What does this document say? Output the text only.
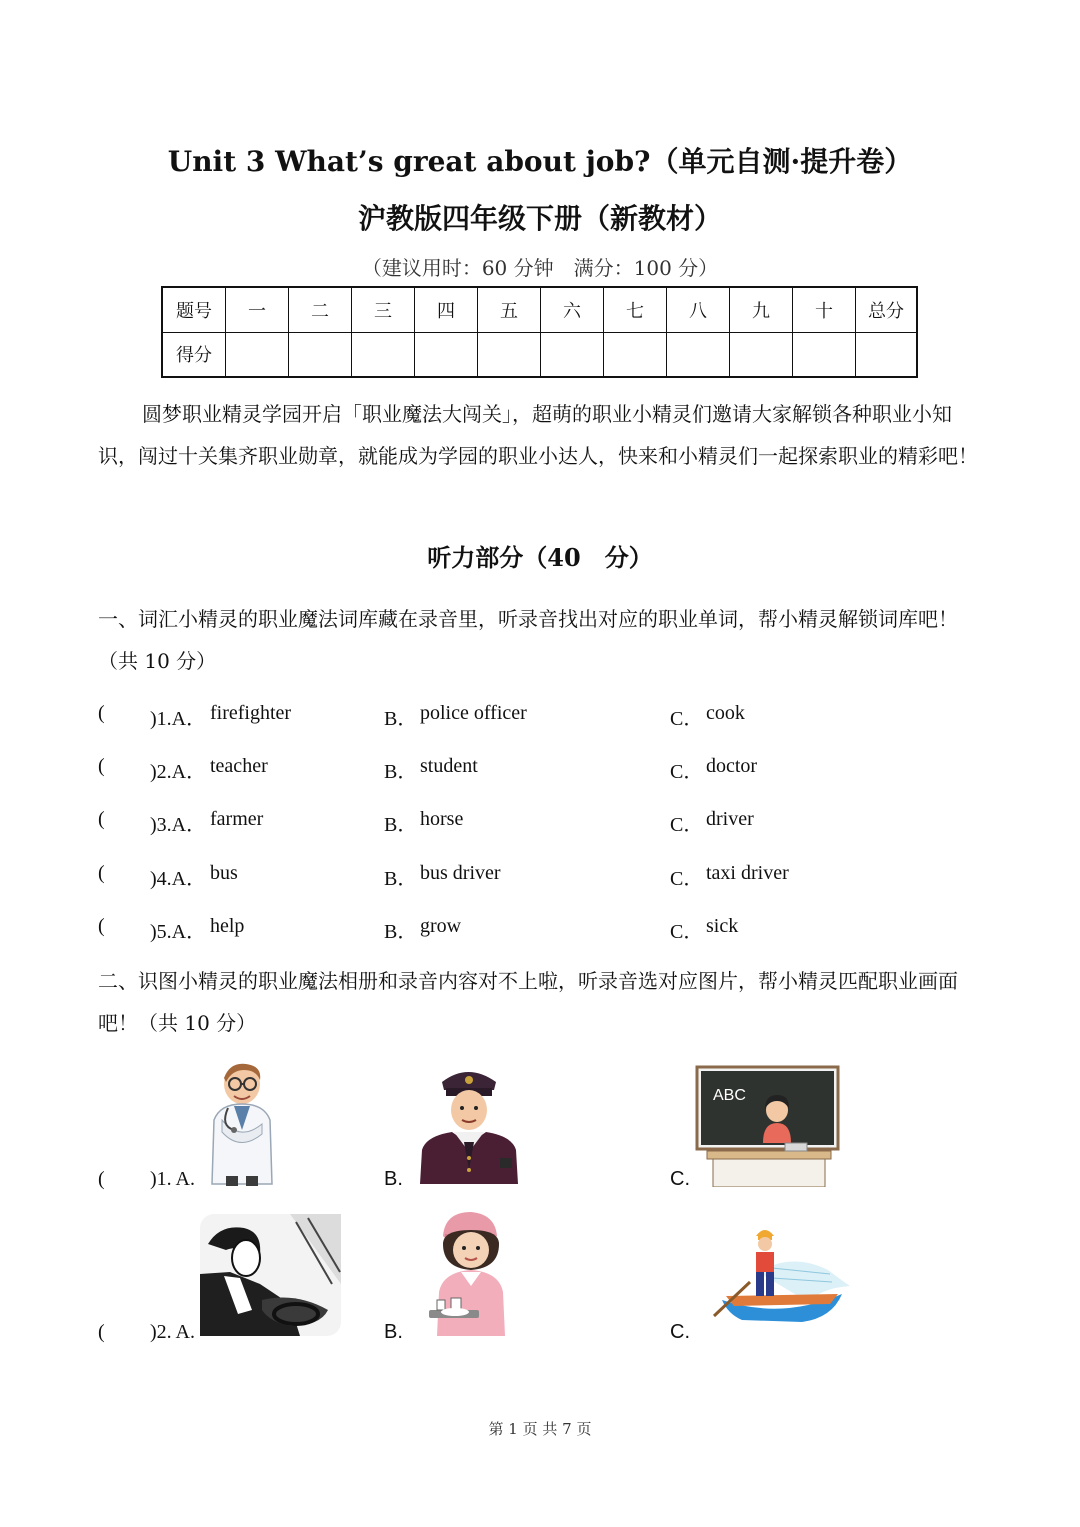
Unit 3 What’s great about job?（单元自测·提升卷）
沪教版四年级下册（新教材）
（建议用时：60 分钟　满分：100 分）
题号	一	二	三	四	五	六	七	八	九	十	总分
得分											
圆梦职业精灵学园开启「职业魔法大闯关」，超萌的职业小精灵们邀请大家解锁各种职业小知识，闯过十关集齐职业勋章，就能成为学园的职业小达人，快来和小精灵们一起探索职业的精彩吧！
听力部分（40　分）
一、词汇小精灵的职业魔法词库藏在录音里，听录音找出对应的职业单词，帮小精灵解锁词库吧！（共 10 分）
( )1.A． firefighter	B． police officer	C． cook
( )2.A． teacher	B． student	C． doctor
( )3.A． farmer	B． horse	C． driver
( )4.A． bus	B． bus driver	C． taxi driver
( )5.A． help	B． grow	C． sick
二、识图小精灵的职业魔法相册和录音内容对不上啦，听录音选对应图片，帮小精灵匹配职业画面吧！（共 10 分）
( )1. A.	B.	C.
ABC
( )2. A.	B.	C.
第 1 页 共 7 页
